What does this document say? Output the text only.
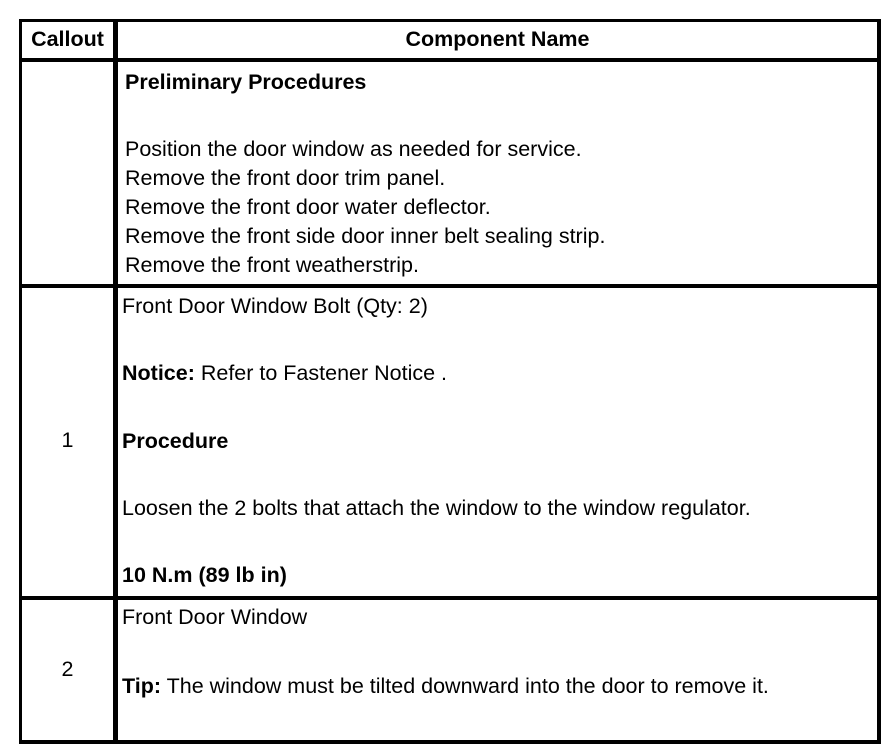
Callout	Component Name
Preliminary Procedures
Position the door window as needed for service.
Remove the front door trim panel.
Remove the front door water deflector.
Remove the front side door inner belt sealing strip.
Remove the front weatherstrip.
1
Front Door Window Bolt (Qty: 2)
Notice: Refer to Fastener Notice .
Procedure
Loosen the 2 bolts that attach the window to the window regulator.
10 N.m (89 lb in)
2
Front Door Window
Tip: The window must be tilted downward into the door to remove it.
